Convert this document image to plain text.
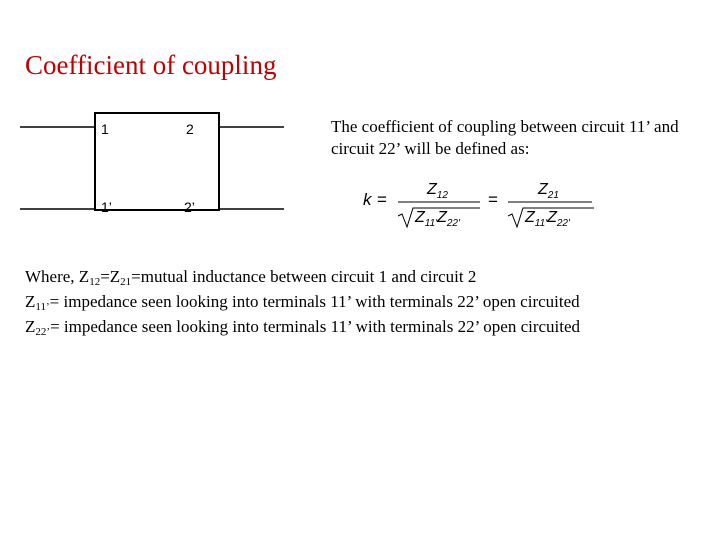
Coefficient of coupling
1	2
1’	2’
The coefficient of coupling between circuit 11’ and circuit 22’ will be defined as:
k =
$Z_{12}$
$Z_{11'}Z_{22'}$
=
$Z_{21}$
$Z_{11'}Z_{22'}$
Where, $Z_{12}=Z_{21}=mutual$ inductance between circuit 1 and circuit 2
$Z_{11’}=$ impedance seen looking into terminals 11’ with terminals 22’ open circuited
$Z_{22’}=$ impedance seen looking into terminals 11’ with terminals 22’ open circuited
